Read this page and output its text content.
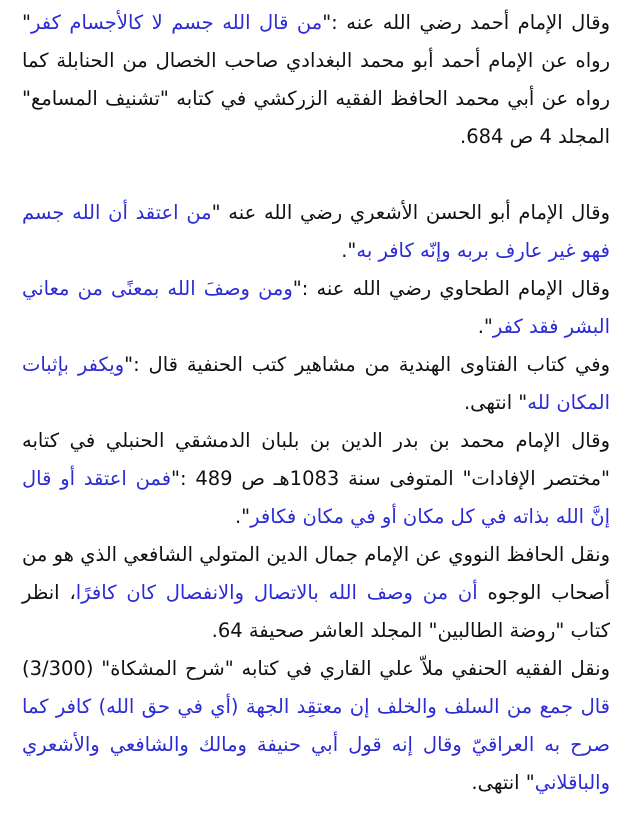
وقال الإمام أحمد رضي الله عنه :"من قال الله جسم لا كالأجسام كفر" رواه عن الإمام أحمد أبو محمد البغدادي صاحب الخصال من الحنابلة كما رواه عن أبي محمد الحافظ الفقيه الزركشي في كتابه "تشنيف المسامع" المجلد 4 ص 684.

وقال الإمام أبو الحسن الأشعري رضي الله عنه "من اعتقد أن الله جسم فهو غير عارف بربه وإنّه كافر به".

وقال الإمام الطحاوي رضي الله عنه :"ومن وصفَ الله بمعنًى من معاني البشر فقد كفر".

وفي كتاب الفتاوى الهندية من مشاهير كتب الحنفية قال :"ويكفر بإثبات المكان لله" انتهى.

وقال الإمام محمد بن بدر الدين بن بلبان الدمشقي الحنبلي في كتابه "مختصر الإفادات" المتوفى سنة 1083هـ ص 489 :"فمن اعتقد أو قال إنَّ الله بذاته في كل مكان أو في مكان فكافر".

ونقل الحافظ النووي عن الإمام جمال الدين المتولي الشافعي الذي هو من أصحاب الوجوه أن من وصف الله بالاتصال والانفصال كان كافرًا، انظر كتاب "روضة الطالبين" المجلد العاشر صحيفة 64.

ونقل الفقيه الحنفي ملاّ علي القاري في كتابه "شرح المشكاة" (3/300) قال جمع من السلف والخلف إن معتقِد الجهة (أي في حق الله) كافر كما صرح به العراقيّ وقال إنه قول أبي حنيفة ومالك والشافعي والأشعري والباقلاني" انتهى.
